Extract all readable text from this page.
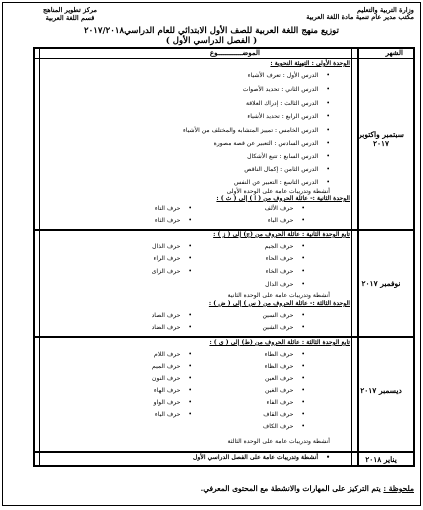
وزارة التربية والتعليم
مكتب مدير عام تنمية مادة اللغة العربية
مركز تطوير المناهج
قسم اللغة العربية
توزيع منهج اللغة العربية للصف الأول الابتدائي للعام الدراسي٢٠١٧/٢٠١٨
( الفصل الدراسي الأول )
الشهر
الموضــــــــــــوع
سبتمبر واكتوبر ٢٠١٧
الوحدة الأولى : التهيئة النحوية :
• الدرس الأول : تعرف الأشياء
• الدرس الثاني : تحديد الأصوات
• الدرس الثالث : إدراك العلاقة
• الدرس الرابع : تحديد الأشياء
• الدرس الخامس : تمييز المتشابه والمختلف من الأشياء
• الدرس السادس : التعبير عن قصة مصورة
• الدرس السابع : تتبع الأشكال
• الدرس الثامن : إكمال الناقص
• الدرس التاسع : التعبير عن النفس
أنشطة وتدريبات عامة على الوحدة الأولى
الوحدة الثانية :- عائلة الحروف من ( ا ) إلى ( ث ) :
• حرف الألف
• حرف الباء
• حرف التاء
• حرف الثاء
نوفمبر ٢٠١٧
تابع الوحدة الثانية : عائلة الحروف من (ج) إلى ( ز ) :
• حرف الجيم
• حرف الحاء
• حرف الخاء
• حرف الدال
• حرف الذال
• حرف الراء
• حرف الزاى
أنشطة وتدريبات عامة على الوحدة الثانية
الوحدة الثالثة :- عائلة الحروف من ( س ) إلى ( ض ) :
• حرف السين
• حرف الشين
• حرف الصاد
• حرف الضاد
ديسمبر ٢٠١٧
تابع الوحدة الثالثة : عائلة الحروف من (ط) إلى ( ى ) :
• حرف الطاء
• حرف الظاء
• حرف العين
• حرف الغين
• حرف الفاء
• حرف القاف
• حرف الكاف
• حرف اللام
• حرف الميم
• حرف النون
• حرف الهاء
• حرف الواو
• حرف الياء
أنشطة وتدريبات عامة على الوحدة الثالثة
يناير ٢٠١٨
• أنشطة وتدريبات عامة على الفصل الدراسي الأول
ملحوظة : يتم التركيز على المهارات والانشطة مع المحتوى المعرفي.
